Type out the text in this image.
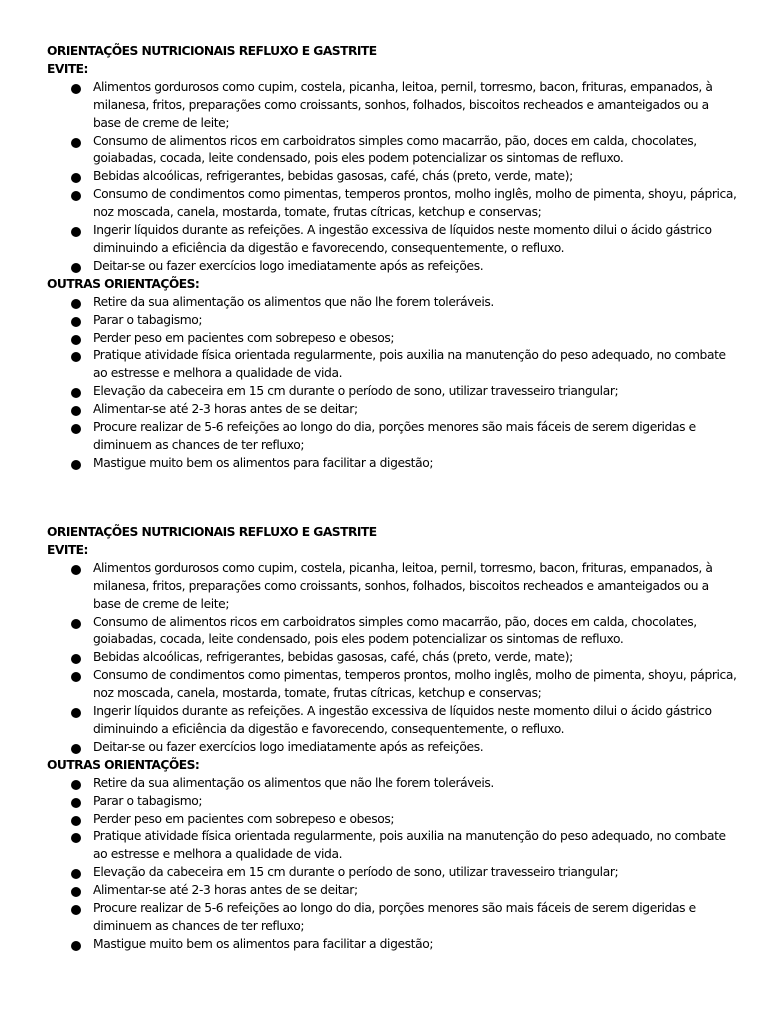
ORIENTAÇÕES NUTRICIONAIS REFLUXO E GASTRITE
EVITE:
Alimentos gordurosos como cupim, costela, picanha, leitoa, pernil, torresmo, bacon, frituras, empanados, à milanesa, fritos, preparações como croissants, sonhos, folhados, biscoitos recheados e amanteigados ou a base de creme de leite;
Consumo de alimentos ricos em carboidratos simples como macarrão, pão, doces em calda, chocolates, goiabadas, cocada, leite condensado, pois eles podem potencializar os sintomas de refluxo.
Bebidas alcoólicas, refrigerantes, bebidas gasosas, café, chás (preto, verde, mate);
Consumo de condimentos como pimentas, temperos prontos, molho inglês, molho de pimenta, shoyu, páprica, noz moscada, canela, mostarda, tomate, frutas cítricas, ketchup e conservas;
Ingerir líquidos durante as refeições. A ingestão excessiva de líquidos neste momento dilui o ácido gástrico diminuindo a eficiência da digestão e favorecendo, consequentemente, o refluxo.
Deitar-se ou fazer exercícios logo imediatamente após as refeições.
OUTRAS ORIENTAÇÕES:
Retire da sua alimentação os alimentos que não lhe forem toleráveis.
Parar o tabagismo;
Perder peso em pacientes com sobrepeso e obesos;
Pratique atividade física orientada regularmente, pois auxilia na manutenção do peso adequado, no combate ao estresse e melhora a qualidade de vida.
Elevação da cabeceira em 15 cm durante o período de sono, utilizar travesseiro triangular;
Alimentar-se até 2-3 horas antes de se deitar;
Procure realizar de 5-6 refeições ao longo do dia, porções menores são mais fáceis de serem digeridas e diminuem as chances de ter refluxo;
Mastigue muito bem os alimentos para facilitar a digestão;
ORIENTAÇÕES NUTRICIONAIS REFLUXO E GASTRITE
EVITE:
Alimentos gordurosos como cupim, costela, picanha, leitoa, pernil, torresmo, bacon, frituras, empanados, à milanesa, fritos, preparações como croissants, sonhos, folhados, biscoitos recheados e amanteigados ou a base de creme de leite;
Consumo de alimentos ricos em carboidratos simples como macarrão, pão, doces em calda, chocolates, goiabadas, cocada, leite condensado, pois eles podem potencializar os sintomas de refluxo.
Bebidas alcoólicas, refrigerantes, bebidas gasosas, café, chás (preto, verde, mate);
Consumo de condimentos como pimentas, temperos prontos, molho inglês, molho de pimenta, shoyu, páprica, noz moscada, canela, mostarda, tomate, frutas cítricas, ketchup e conservas;
Ingerir líquidos durante as refeições. A ingestão excessiva de líquidos neste momento dilui o ácido gástrico diminuindo a eficiência da digestão e favorecendo, consequentemente, o refluxo.
Deitar-se ou fazer exercícios logo imediatamente após as refeições.
OUTRAS ORIENTAÇÕES:
Retire da sua alimentação os alimentos que não lhe forem toleráveis.
Parar o tabagismo;
Perder peso em pacientes com sobrepeso e obesos;
Pratique atividade física orientada regularmente, pois auxilia na manutenção do peso adequado, no combate ao estresse e melhora a qualidade de vida.
Elevação da cabeceira em 15 cm durante o período de sono, utilizar travesseiro triangular;
Alimentar-se até 2-3 horas antes de se deitar;
Procure realizar de 5-6 refeições ao longo do dia, porções menores são mais fáceis de serem digeridas e diminuem as chances de ter refluxo;
Mastigue muito bem os alimentos para facilitar a digestão;
